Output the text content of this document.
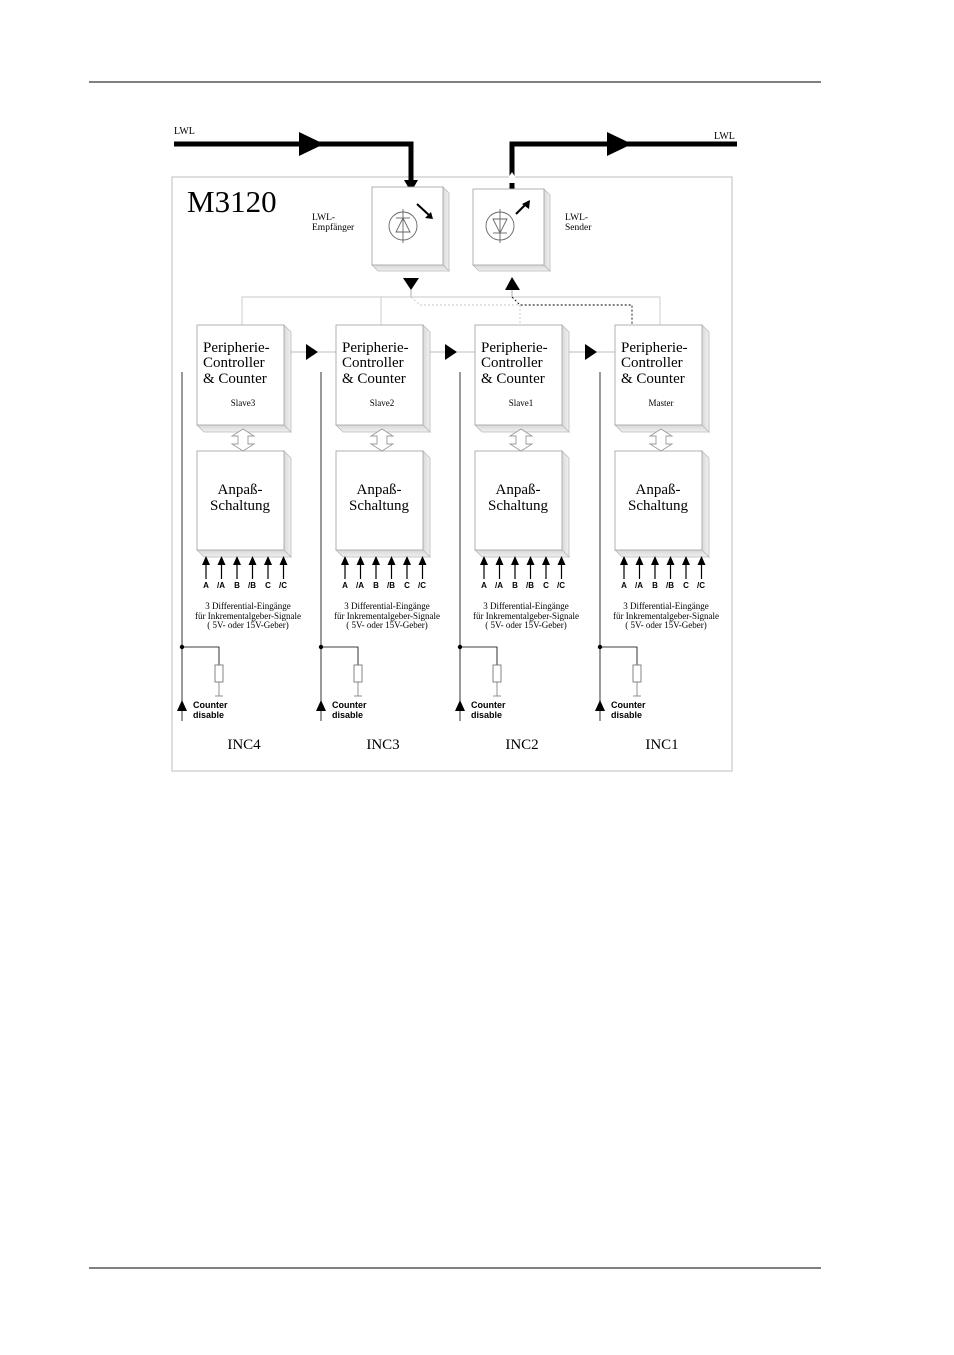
M3120
LWL	LWL
LWL-
Empfänger
LWL-
Sender
Peripherie-
Controller
& Counter
Slave3
Anpaß-
Schaltung
A /A B /B C /C
3 Differential-Eingänge
für Inkrementalgeber-Signale
( 5V- oder 15V-Geber)
Counter
disable
INC4
Peripherie-
Controller
& Counter
Slave2
Anpaß-
Schaltung
A /A B /B C /C
3 Differential-Eingänge
für Inkrementalgeber-Signale
( 5V- oder 15V-Geber)
Counter
disable
INC3
Peripherie-
Controller
& Counter
Slave1
Anpaß-
Schaltung
A /A B /B C /C
3 Differential-Eingänge
für Inkrementalgeber-Signale
( 5V- oder 15V-Geber)
Counter
disable
INC2
Peripherie-
Controller
& Counter
Master
Anpaß-
Schaltung
A /A B /B C /C
3 Differential-Eingänge
für Inkrementalgeber-Signale
( 5V- oder 15V-Geber)
Counter
disable
INC1
